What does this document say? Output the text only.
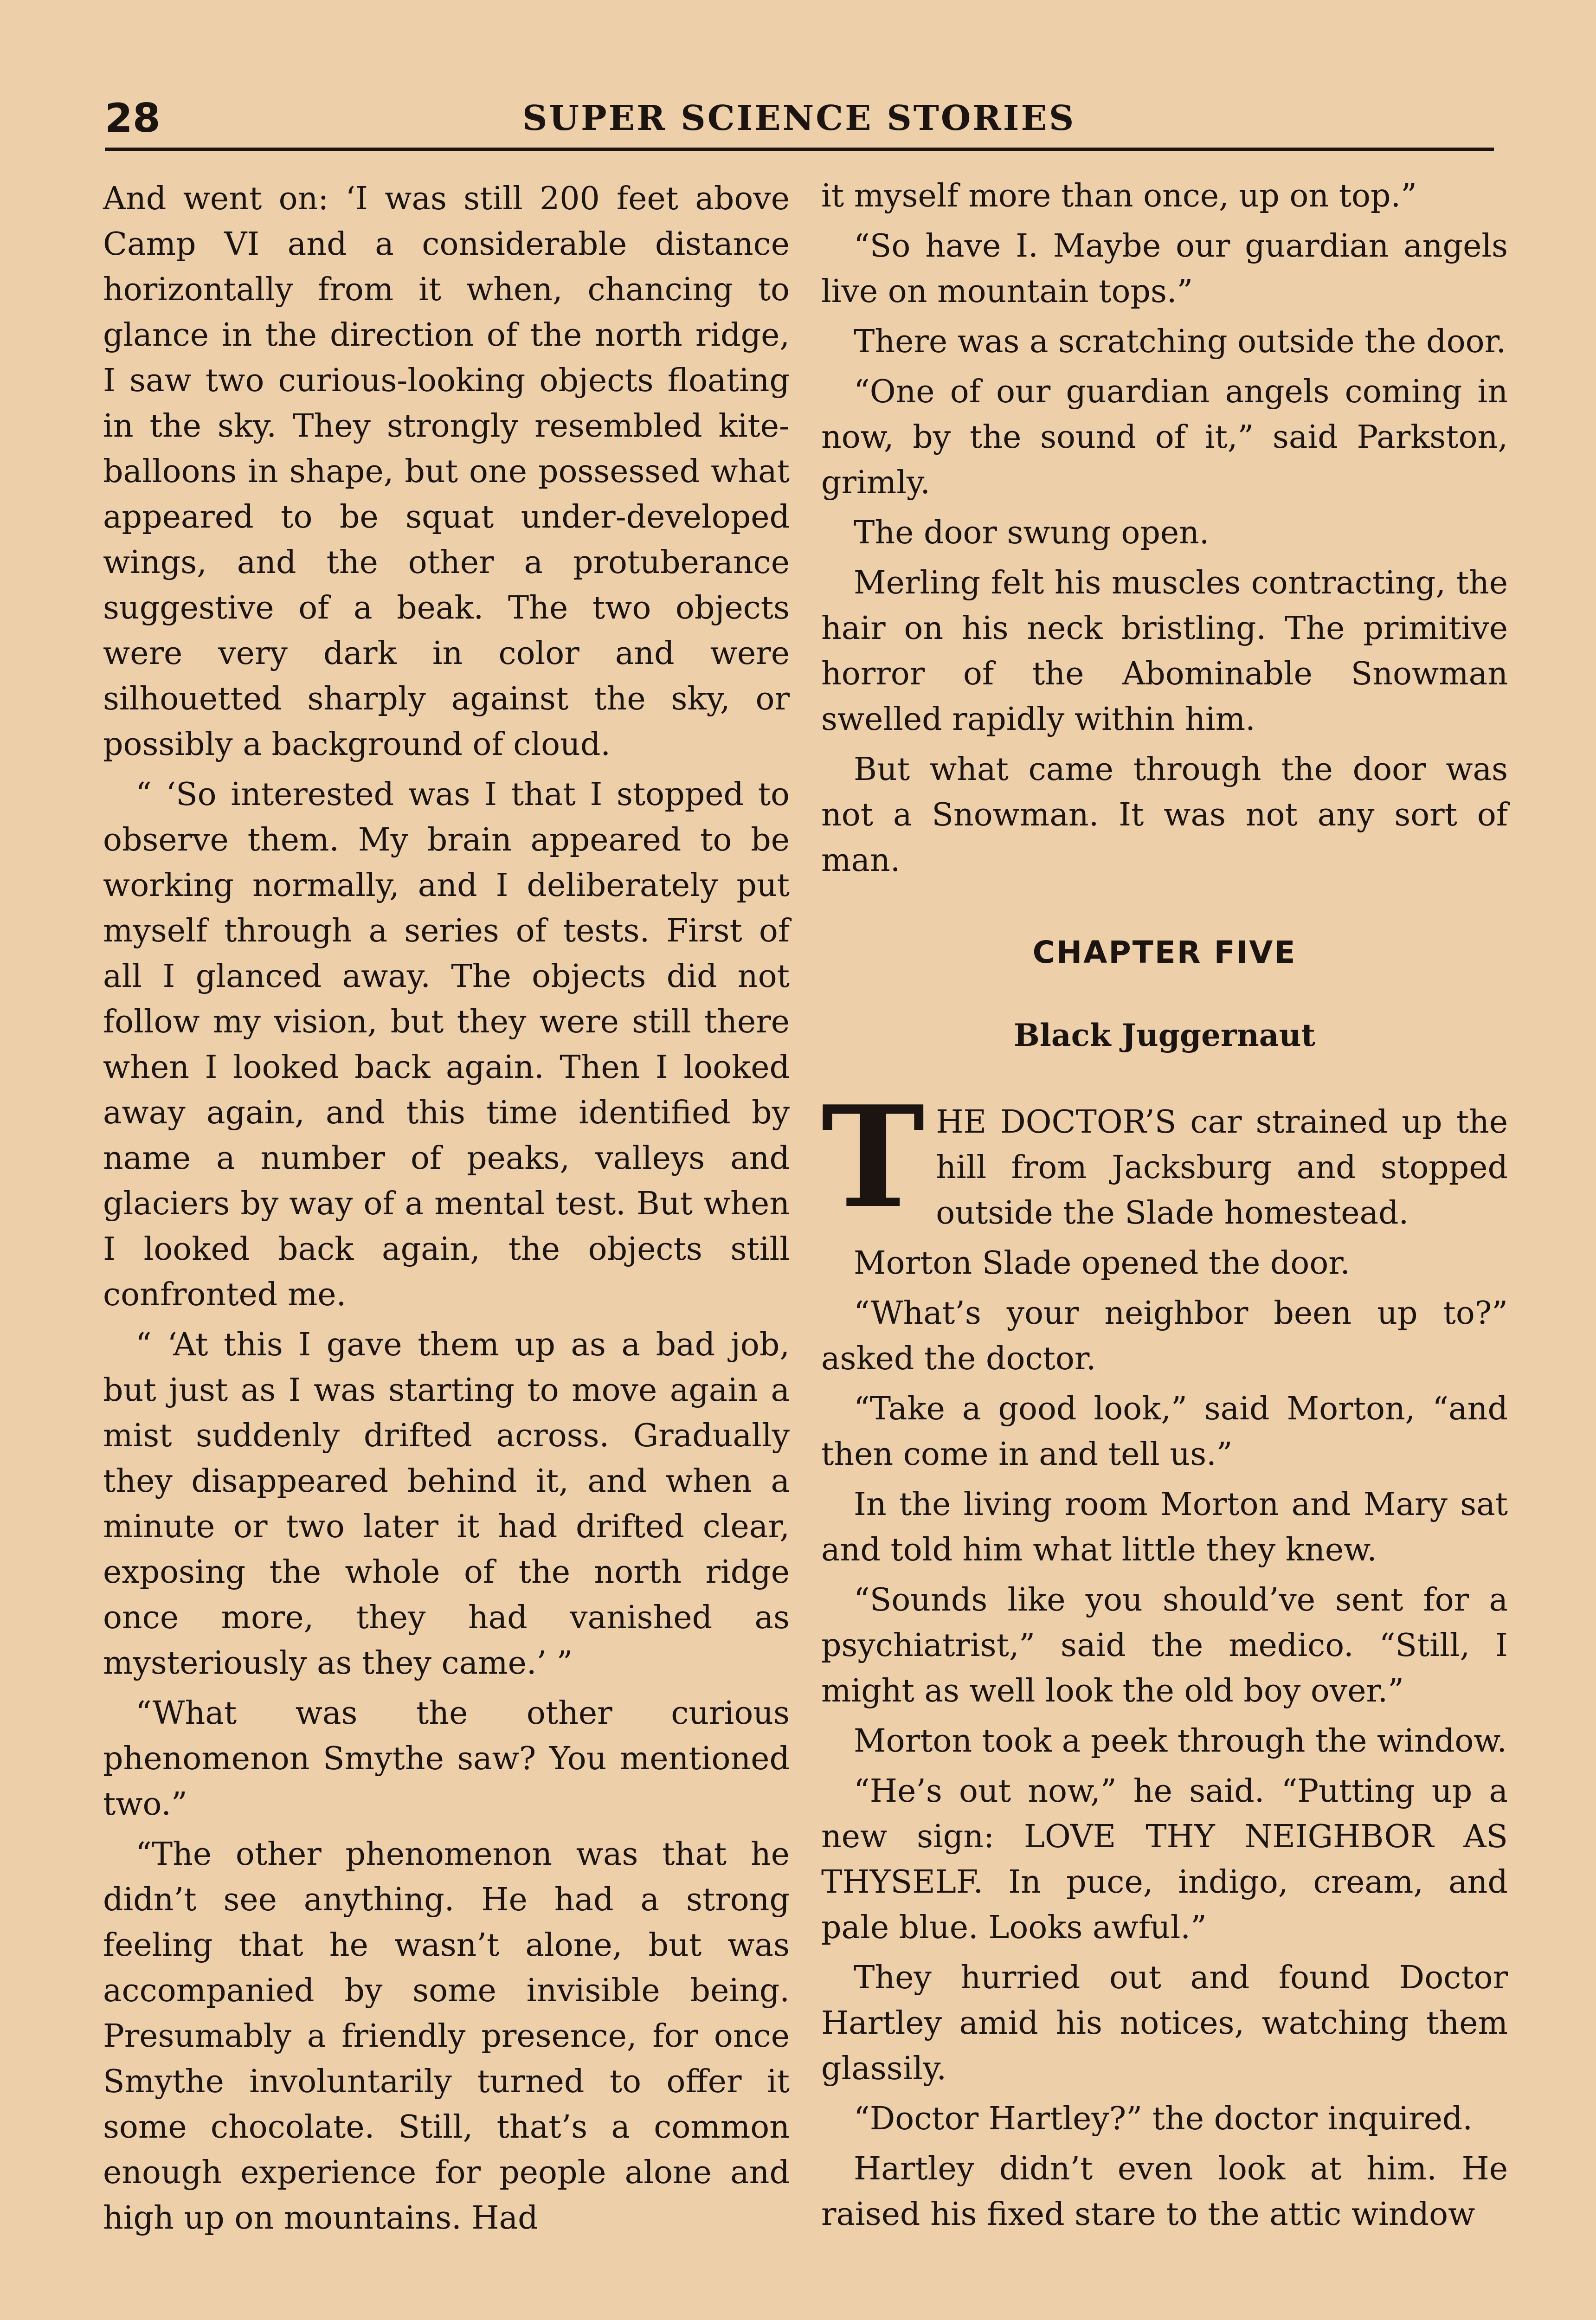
28	SUPER SCIENCE STORIES

And went on: ‘I was still 200 feet above Camp VI and a considerable distance horizontally from it when, chancing to glance in the direction of the north ridge, I saw two curious-looking objects floating in the sky. They strongly resembled kite-balloons in shape, but one possessed what appeared to be squat under-developed wings, and the other a protuberance suggestive of a beak. The two objects were very dark in color and were silhouetted sharply against the sky, or possibly a background of cloud.

“ ‘So interested was I that I stopped to observe them. My brain appeared to be working normally, and I deliberately put myself through a series of tests. First of all I glanced away. The objects did not follow my vision, but they were still there when I looked back again. Then I looked away again, and this time identified by name a number of peaks, valleys and glaciers by way of a mental test. But when I looked back again, the objects still confronted me.

“ ‘At this I gave them up as a bad job, but just as I was starting to move again a mist suddenly drifted across. Gradually they disappeared behind it, and when a minute or two later it had drifted clear, exposing the whole of the north ridge once more, they had vanished as mysteriously as they came.’ ”

“What was the other curious phenomenon Smythe saw? You mentioned two.”

“The other phenomenon was that he didn’t see anything. He had a strong feeling that he wasn’t alone, but was accompanied by some invisible being. Presumably a friendly presence, for once Smythe involuntarily turned to offer it some chocolate. Still, that’s a common enough experience for people alone and high up on mountains. Had

it myself more than once, up on top.”

“So have I. Maybe our guardian angels live on mountain tops.”

There was a scratching outside the door.

“One of our guardian angels coming in now, by the sound of it,” said Parkston, grimly.

The door swung open.

Merling felt his muscles contracting, the hair on his neck bristling. The primitive horror of the Abominable Snowman swelled rapidly within him.

But what came through the door was not a Snowman. It was not any sort of man.

CHAPTER FIVE
Black Juggernaut

THE DOCTOR’S car strained up the hill from Jacksburg and stopped outside the Slade homestead.

Morton Slade opened the door.

“What’s your neighbor been up to?” asked the doctor.

“Take a good look,” said Morton, “and then come in and tell us.”

In the living room Morton and Mary sat and told him what little they knew.

“Sounds like you should’ve sent for a psychiatrist,” said the medico. “Still, I might as well look the old boy over.”

Morton took a peek through the window.

“He’s out now,” he said. “Putting up a new sign: LOVE THY NEIGHBOR AS THYSELF. In puce, indigo, cream, and pale blue. Looks awful.”

They hurried out and found Doctor Hartley amid his notices, watching them glassily.

“Doctor Hartley?” the doctor inquired.

Hartley didn’t even look at him. He raised his fixed stare to the attic window
